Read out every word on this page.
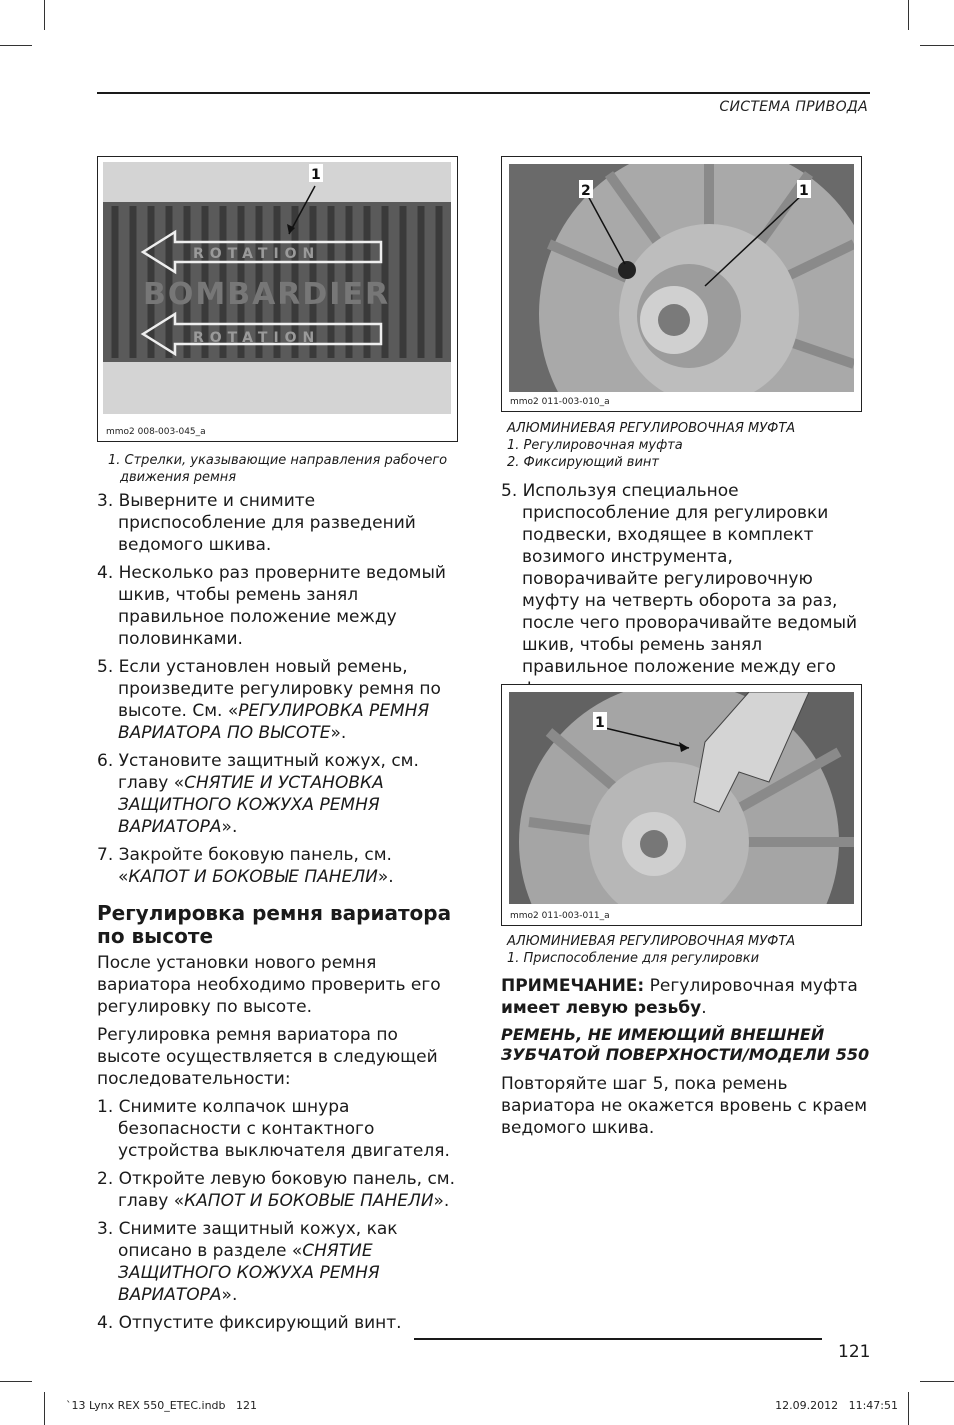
СИСТЕМА ПРИВОДА
ROTATION
BOMBARDIER
ROTATION
1
mmo2 008-003-045_a

1. Стрелки, указывающие направления рабочего

движения ремня

3. Выверните и снимите приспособление для разведений ведомого шкива.

4. Несколько раз проверните ведомый шкив, чтобы ремень занял правильное положение между половинками.

5. Если установлен новый ремень, произведите регулировку ремня по высоте. См. «РЕГУЛИРОВКА РЕМНЯ ВАРИАТОРА ПО ВЫСОТЕ».

6. Установите защитный кожух, см. главу «СНЯТИЕ И УСТАНОВКА ЗАЩИТНОГО КОЖУХА РЕМНЯ ВАРИАТОРА».

7. Закройте боковую панель, см. «КАПОТ И БОКОВЫЕ ПАНЕЛИ».

Регулировка ремня вариатора по высоте

После установки нового ремня вариатора необходимо проверить его регулировку по высоте.

Регулировка ремня вариатора по высоте осуществляется в следующей последовательности:

1. Снимите колпачок шнура безопасности с контактного устройства выключателя двигателя.

2. Откройте левую боковую панель, см. главу «КАПОТ И БОКОВЫЕ ПАНЕЛИ».

3. Снимите защитный кожух, как описано в разделе «СНЯТИЕ ЗАЩИТНОГО КОЖУХА РЕМНЯ ВАРИАТОРА».

4. Отпустите фиксирующий винт.

2	1
mmo2 011-003-010_a

АЛЮМИНИЕВАЯ РЕГУЛИРОВОЧНАЯ МУФТА

1. Регулировочная муфта

2. Фиксирующий винт

5. Используя специальное приспособление для регулировки подвески, входящее в комплект возимого инструмента, поворачивайте регулировочную муфту на четверть оборота за раз, после чего проворачивайте ведомый шкив, чтобы ремень занял правильное положение между его

1
mmo2 011-003-011_a

АЛЮМИНИЕВАЯ РЕГУЛИРОВОЧНАЯ МУФТА

1. Приспособление для регулировки

ПРИМЕЧАНИЕ: Регулировочная муфта имеет левую резьбу.

РЕМЕНЬ, НЕ ИМЕЮЩИЙ ВНЕШНЕЙ ЗУБЧАТОЙ ПОВЕРХНОСТИ/МОДЕЛИ 550

Повторяйте шаг 5, пока ремень вариатора не окажется вровень с краем ведомого шкива.

121
`13 Lynx REX 550_ETEC.indb   121	12.09.2012   11:47:51
